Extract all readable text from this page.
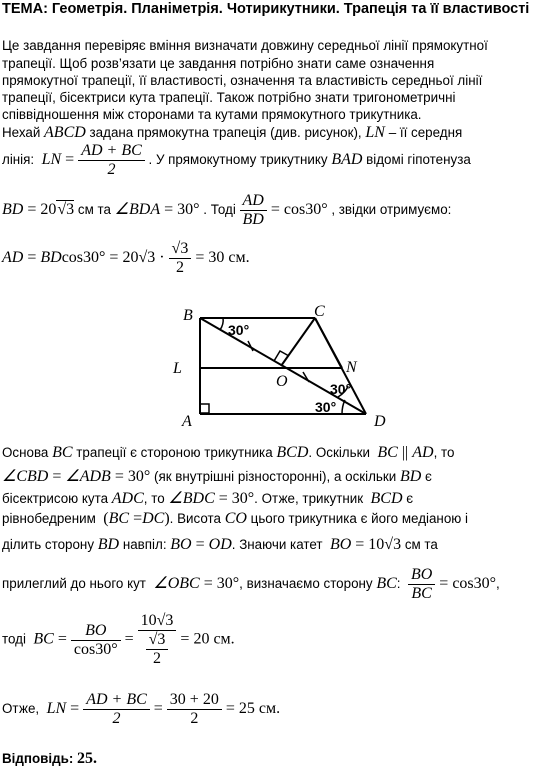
ТЕМА: Геометрія. Планіметрія. Чотирикутники. Трапеція та її властивості
Це завдання перевіряє вміння визначати довжину середньої лінії прямокутної
трапеції. Щоб розв’язати це завдання потрібно знати саме означення
прямокутної трапеції, її властивості, означення та властивість середньої лінії
трапеції, бісектриси кута трапеції. Також потрібно знати тригонометричні
співвідношення між сторонами та кутами прямокутного трикутника.
Нехай ABCD задана прямокутна трапеція (див. рисунок), LN – її середня
лінія: LN = $\frac{AD + BC}{2}$ . У прямокутному трикутнику BAD відомі гіпотенуза
BD = 20√3 см та ∠BDA = 30° . Тоді $\frac{AD}{BD} = \cos 30^\circ$ , звідки отримуємо:
AD = $BDcos30^\circ = 20√3 \cdot \frac{√3}{2} = 30$ см.
B	C
L	N
O
A	D
30°
30°
30°
Основа BC трапеції є стороною трикутника BCD. Оскільки BC || AD, то
∠CBD = ∠ADB = 30° (як внутрішні різносторонні), а оскільки BD є
бісектрисою кута ADC, то ∠BDC = 30°. Отже, трикутник BCD є
рівнобедреним (BC =DC). Висота CO цього трикутника є його медіаною і
ділить сторону BD навпіл: BO = OD. Знаючи катет BO = 10√3 см та
прилеглий до нього кут ∠OBC = 30°, визначаємо сторону BC: $\frac{BO}{BC} = \cos 30^\circ$,
тоді BC = $\frac{BO}{\cos 30^\circ} = \frac{10√3}{\frac{√3}{2}} = 20$ см.
Отже, LN = $\frac{AD + BC}{2} = \frac{30 + 20}{2} = 25$ см.
Відповідь: 25.
